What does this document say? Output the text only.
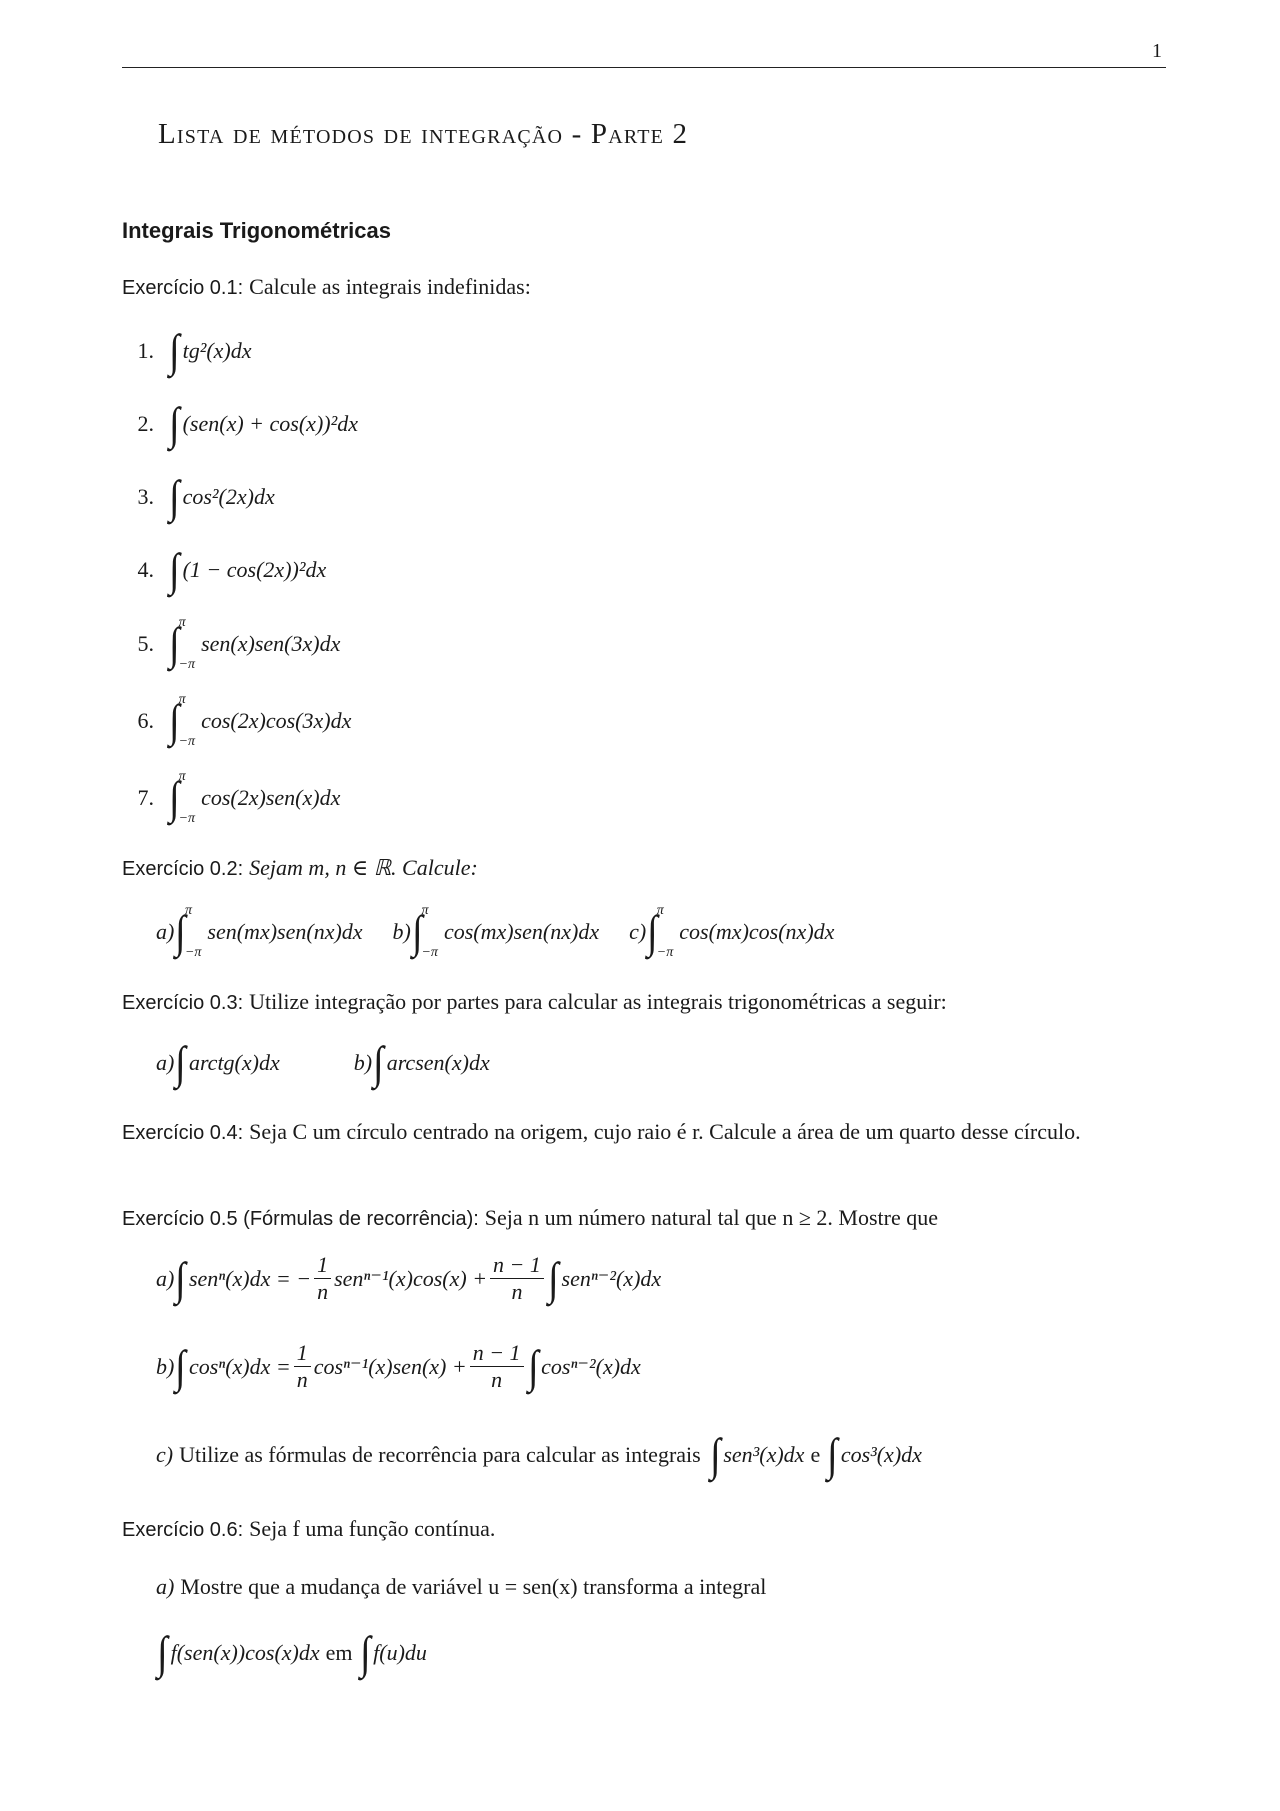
1
Lista de métodos de integração - Parte 2
Integrais Trigonométricas
Exercício 0.1: Calcule as integrais indefinidas:
1. ∫ tg²(x)dx
2. ∫ (sen(x) + cos(x))²dx
3. ∫ cos²(2x)dx
4. ∫ (1 − cos(2x))²dx
5. ∫
π
−π
sen(x)sen(3x)dx
6. ∫
π
−π
cos(2x)cos(3x)dx
7. ∫
π
−π
cos(2x)sen(x)dx
Exercício 0.2: Sejam m, n ∈ ℝ. Calcule:
a) ∫
π
−π
sen(mx)sen(nx)dx b) ∫
π
−π
cos(mx)sen(nx)dx c) ∫
π
−π
cos(mx)cos(nx)dx
Exercício 0.3: Utilize integração por partes para calcular as integrais trigonométricas a seguir:
a) ∫ arctg(x)dx	b) ∫ arcsen(x)dx
Exercício 0.4: Seja C um círculo centrado na origem, cujo raio é r. Calcule a área de um quarto desse círculo.
Exercício 0.5 (Fórmulas de recorrência): Seja n um número natural tal que n ≥ 2. Mostre que
a) ∫ senⁿ(x)dx = − $\frac{1}{n} sen^{n-1}(x)\cos(x) + \frac{n - 1}{n}$ ∫ senⁿ⁻²(x)dx
b) ∫ $\cos^n(x)dx = \frac{1}{n} \cos^{n-1}(x)sen(x) + \frac{n - 1}{n}$ ∫ cosⁿ⁻²(x)dx
c) Utilize as fórmulas de recorrência para calcular as integrais ∫ sen³(x)dx e ∫ cos³(x)dx
Exercício 0.6: Seja f uma função contínua.
a) Mostre que a mudança de variável u = sen(x) transforma a integral
∫ f(sen(x))cos(x)dx em ∫ f(u)du
